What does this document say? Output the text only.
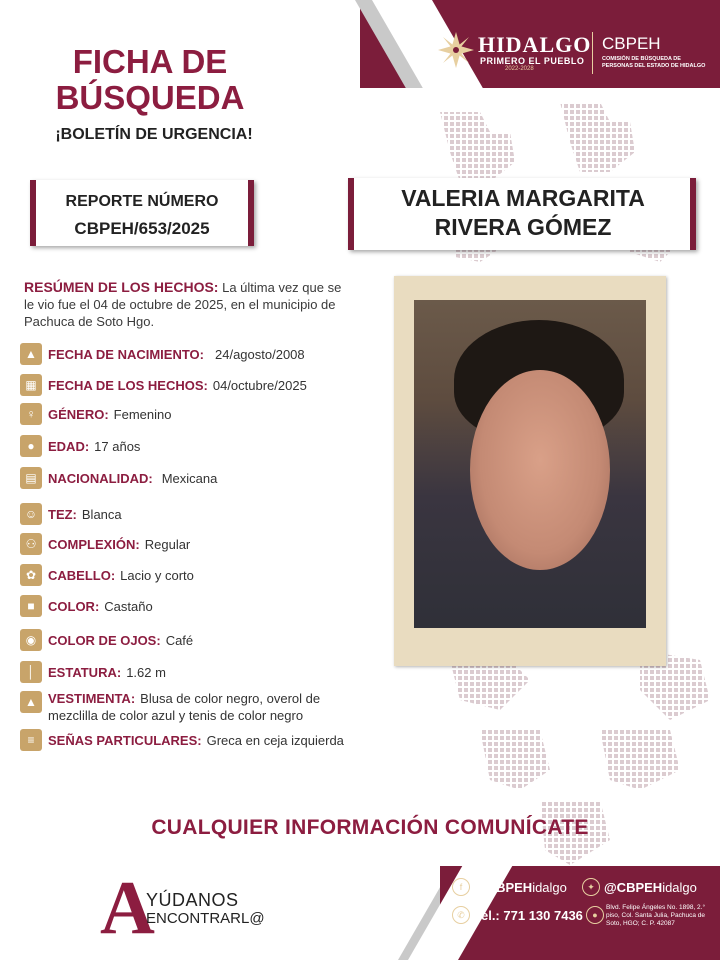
HIDALGO
PRIMERO EL PUEBLO
2022-2028
CBPEH
COMISIÓN DE BÚSQUEDA DE PERSONAS DEL ESTADO DE HIDALGO
FICHA DE
BÚSQUEDA
¡BOLETÍN DE URGENCIA!
REPORTE NÚMERO
CBPEH/653/2025
VALERIA MARGARITA
RIVERA GÓMEZ
RESÚMEN DE LOS HECHOS: La última vez que se le vio fue el 04 de octubre de 2025, en el municipio de Pachuca de Soto Hgo.
▲ FECHA DE NACIMIENTO: 24/agosto/2008
▦ FECHA DE LOS HECHOS: 04/octubre/2025
♀ GÉNERO: Femenino
●	EDAD: 17 años
▤ NACIONALIDAD: Mexicana
☺ TEZ: Blanca
⚇ COMPLEXIÓN: Regular
✿ CABELLO: Lacio y corto
■	COLOR: Castaño
◉ COLOR DE OJOS: Café
│	ESTATURA: 1.62 m
▲ VESTIMENTA: Blusa de color negro, overol de mezclilla de color azul y tenis de color negro
≡	SEÑAS PARTICULARES: Greca en ceja izquierda
CUALQUIER INFORMACIÓN COMUNÍCATE
A
YÚDANOS
ENCONTRARL@
f @CBPEH idalgo	✦ @CBPEH idalgo
✆ Tel.:
771 130 7436	●
Blvd. Felipe Ángeles No. 1898, 2.° piso, Col. Santa Julia, Pachuca de Soto, HGO; C. P. 42087
